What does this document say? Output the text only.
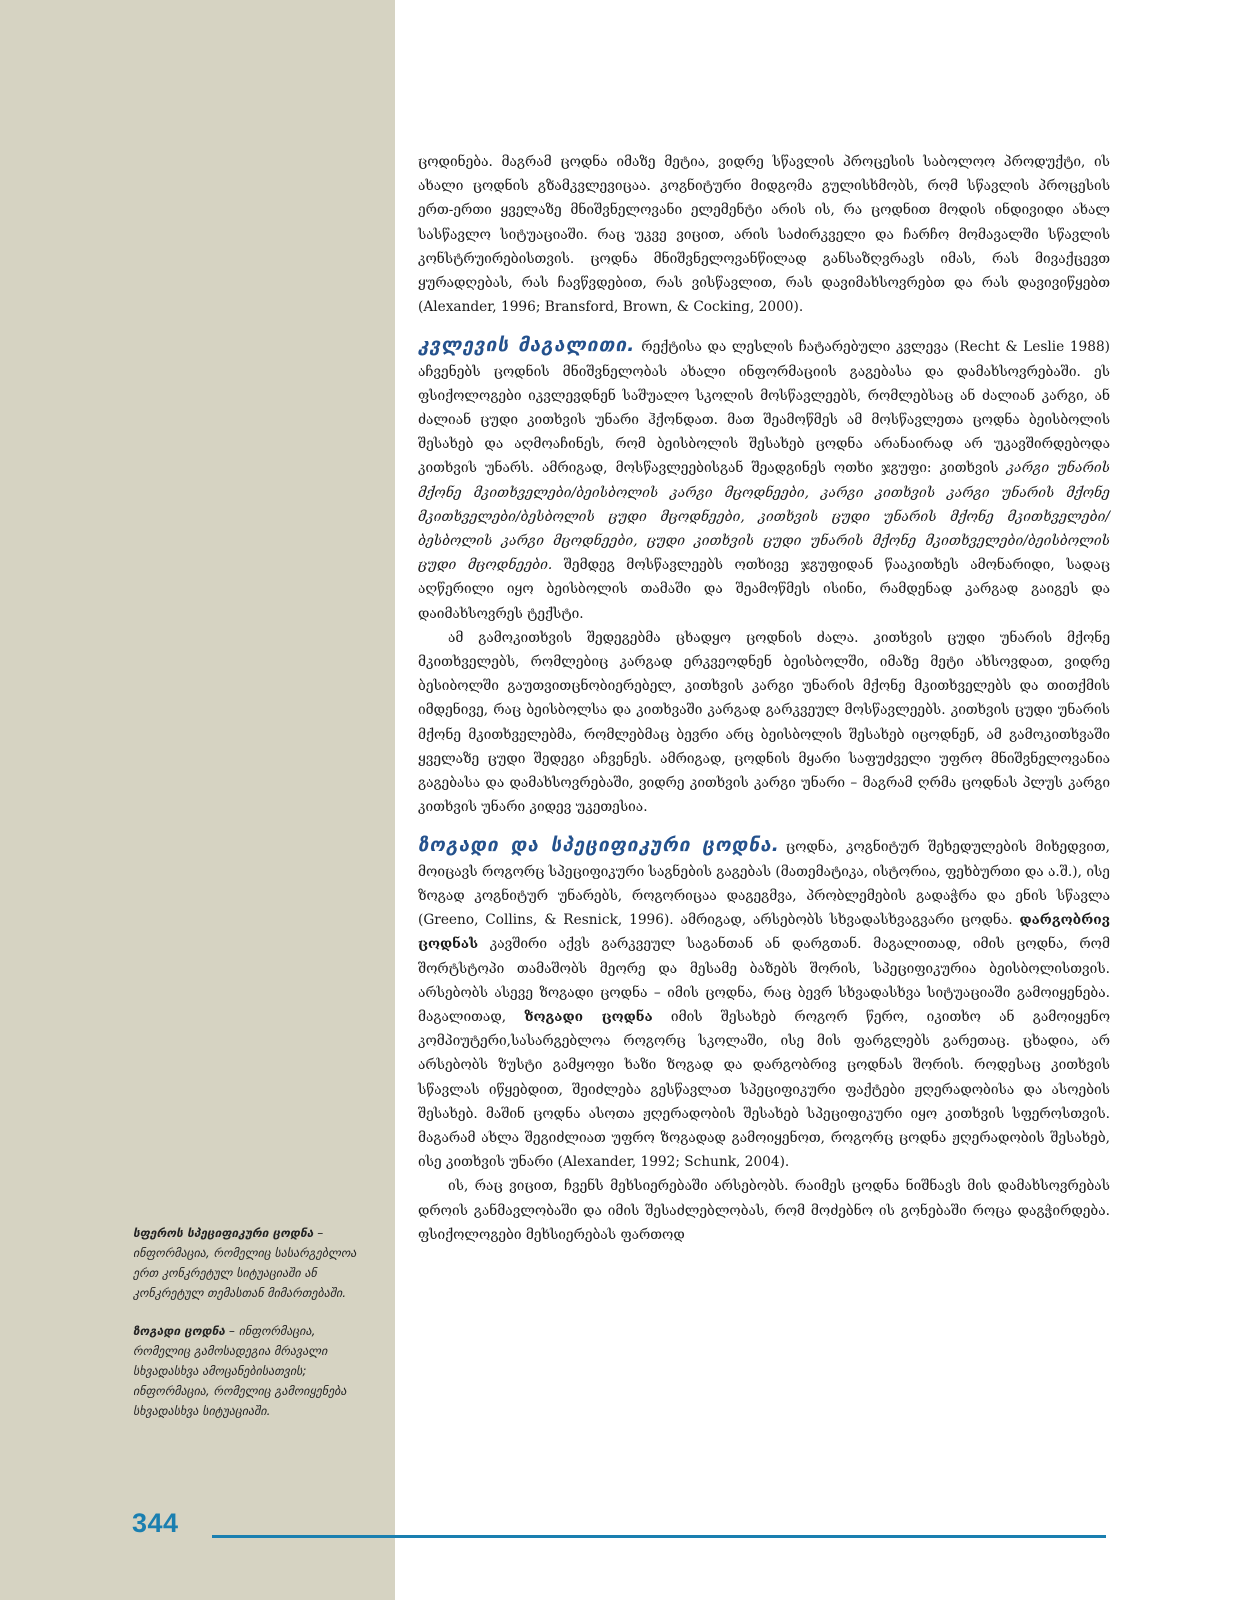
სფეროს სპეციფიკური ცოდნა – ინფორმაცია, რომელიც სასარგებლოა ერთ კონკრეტულ სიტუაციაში ან კონკრეტულ თემასთან მიმართებაში.

ზოგადი ცოდნა – ინფორმაცია, რომელიც გამოსადეგია მრავალი სხვადასხვა ამოცანებისათვის; ინფორმაცია, რომელიც გამოიყენება სხვადასხვა სიტუაციაში.

344

ცოდინება. მაგრამ ცოდნა იმაზე მეტია, ვიდრე სწავლის პროცესის საბოლოო პროდუქტი, ის ახალი ცოდნის გზამკვლევიცაა. კოგნიტური მიდგომა გულისხმობს, რომ სწავლის პროცესის ერთ-ერთი ყველაზე მნიშვნელოვანი ელემენტი არის ის, რა ცოდნით მოდის ინდივიდი ახალ სასწავლო სიტუაციაში. რაც უკვე ვიცით, არის საძირკველი და ჩარჩო მომავალში სწავლის კონსტრუირებისთვის. ცოდნა მნიშვნელოვანწილად განსაზღვრავს იმას, რას მივაქცევთ ყურადღებას, რას ჩავწვდებით, რას ვისწავლით, რას დავიმახსოვრებთ და რას დავივიწყებთ (Alexander, 1996; Bransford, Brown, & Cocking, 2000).

კვლევის მაგალითი. რექტისა და ლესლის ჩატარებული კვლევა (Recht & Leslie 1988) აჩვენებს ცოდნის მნიშვნელობას ახალი ინფორმაციის გაგებასა და დამახსოვრებაში. ეს ფსიქოლოგები იკვლევდნენ საშუალო სკოლის მოსწავლეებს, რომლებსაც ან ძალიან კარგი, ან ძალიან ცუდი კითხვის უნარი ჰქონდათ. მათ შეამოწმეს ამ მოსწავლეთა ცოდნა ბეისბოლის შესახებ და აღმოაჩინეს, რომ ბეისბოლის შესახებ ცოდნა არანაირად არ უკავშირდებოდა კითხვის უნარს. ამრიგად, მოსწავლეებისგან შეადგინეს ოთხი ჯგუფი: კითხვის კარგი უნარის მქონე მკითხველები/ბეისბოლის კარგი მცოდნეები, კარგი კითხვის კარგი უნარის მქონე მკითხველები/ბესბოლის ცუდი მცოდნეები, კითხვის ცუდი უნარის მქონე მკითხველები/ბესბოლის კარგი მცოდნეები, ცუდი კითხვის ცუდი უნარის მქონე მკითხველები/ბეისბოლის ცუდი მცოდნეები. შემდეგ მოსწავლეებს ოთხივე ჯგუფიდან წააკითხეს ამონარიდი, სადაც აღწერილი იყო ბეისბოლის თამაში და შეამოწმეს ისინი, რამდენად კარგად გაიგეს და დაიმახსოვრეს ტექსტი.

ამ გამოკითხვის შედეგებმა ცხადყო ცოდნის ძალა. კითხვის ცუდი უნარის მქონე მკითხველებს, რომლებიც კარგად ერკვეოდნენ ბეისბოლში, იმაზე მეტი ახსოვდათ, ვიდრე ბესიბოლში გაუთვითცნობიერებელ, კითხვის კარგი უნარის მქონე მკითხველებს და თითქმის იმდენივე, რაც ბეისბოლსა და კითხვაში კარგად გარკვეულ მოსწავლეებს. კითხვის ცუდი უნარის მქონე მკითხველებმა, რომლებმაც ბევრი არც ბეისბოლის შესახებ იცოდნენ, ამ გამოკითხვაში ყველაზე ცუდი შედეგი აჩვენეს. ამრიგად, ცოდნის მყარი საფუძველი უფრო მნიშვნელოვანია გაგებასა და დამახსოვრებაში, ვიდრე კითხვის კარგი უნარი – მაგრამ ღრმა ცოდნას პლუს კარგი კითხვის უნარი კიდევ უკეთესია.

ზოგადი და სპეციფიკური ცოდნა. ცოდნა, კოგნიტურ შეხედულების მიხედვით, მოიცავს როგორც სპეციფიკური საგნების გაგებას (მათემატიკა, ისტორია, ფეხბურთი და ა.შ.), ისე ზოგად კოგნიტურ უნარებს, როგორიცაა დაგეგმვა, პრობლემების გადაჭრა და ენის სწავლა (Greeno, Collins, & Resnick, 1996). ამრიგად, არსებობს სხვადასხვაგვარი ცოდნა. დარგობრივ ცოდნას კავშირი აქვს გარკვეულ საგანთან ან დარგთან. მაგალითად, იმის ცოდნა, რომ შორტსტოპი თამაშობს მეორე და მესამე ბაზებს შორის, სპეციფიკურია ბეისბოლისთვის. არსებობს ასევე ზოგადი ცოდნა – იმის ცოდნა, რაც ბევრ სხვადასხვა სიტუაციაში გამოიყენება. მაგალითად, ზოგადი ცოდნა იმის შესახებ როგორ წერო, იკითხო ან გამოიყენო კომპიუტერი,სასარგებლოა როგორც სკოლაში, ისე მის ფარგლებს გარეთაც. ცხადია, არ არსებობს ზუსტი გამყოფი ხაზი ზოგად და დარგობრივ ცოდნას შორის. როდესაც კითხვის სწავლას იწყებდით, შეიძლება გესწავლათ სპეციფიკური ფაქტები ჟღერადობისა და ასოების შესახებ. მაშინ ცოდნა ასოთა ჟღერადობის შესახებ სპეციფიკური იყო კითხვის სფეროსთვის. მაგარამ ახლა შეგიძლიათ უფრო ზოგადად გამოიყენოთ, როგორც ცოდნა ჟღერადობის შესახებ, ისე კითხვის უნარი (Alexander, 1992; Schunk, 2004).

ის, რაც ვიცით, ჩვენს მეხსიერებაში არსებობს. რაიმეს ცოდნა ნიშნავს მის დამახსოვრებას დროის განმავლობაში და იმის შესაძლებლობას, რომ მოძებნო ის გონებაში როცა დაგჭირდება. ფსიქოლოგები მეხსიერებას ფართოდ
